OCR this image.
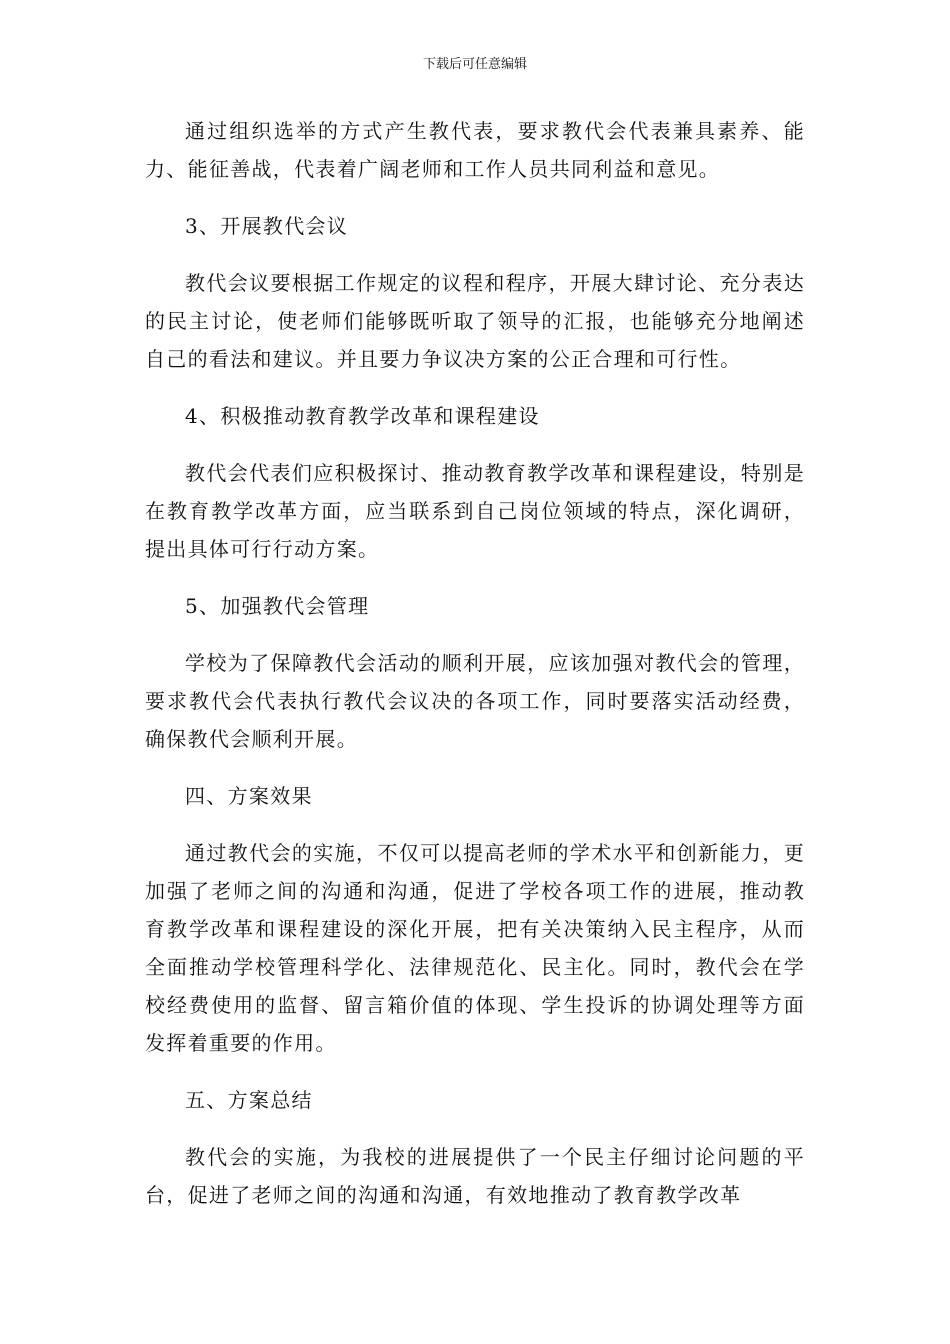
下载后可任意编辑

通过组织选举的方式产生教代表，要求教代会代表兼具素养、能力、能征善战，代表着广阔老师和工作人员共同利益和意见。

3、开展教代会议

教代会议要根据工作规定的议程和程序，开展大肆讨论、充分表达的民主讨论，使老师们能够既听取了领导的汇报，也能够充分地阐述自己的看法和建议。并且要力争议决方案的公正合理和可行性。

4、积极推动教育教学改革和课程建设

教代会代表们应积极探讨、推动教育教学改革和课程建设，特别是在教育教学改革方面，应当联系到自己岗位领域的特点，深化调研，提出具体可行行动方案。

5、加强教代会管理

学校为了保障教代会活动的顺利开展，应该加强对教代会的管理，要求教代会代表执行教代会议决的各项工作，同时要落实活动经费，确保教代会顺利开展。

四、方案效果

通过教代会的实施，不仅可以提高老师的学术水平和创新能力，更加强了老师之间的沟通和沟通，促进了学校各项工作的进展，推动教育教学改革和课程建设的深化开展，把有关决策纳入民主程序，从而全面推动学校管理科学化、法律规范化、民主化。同时，教代会在学校经费使用的监督、留言箱价值的体现、学生投诉的协调处理等方面发挥着重要的作用。

五、方案总结

教代会的实施，为我校的进展提供了一个民主仔细讨论问题的平台，促进了老师之间的沟通和沟通，有效地推动了教育教学改革
